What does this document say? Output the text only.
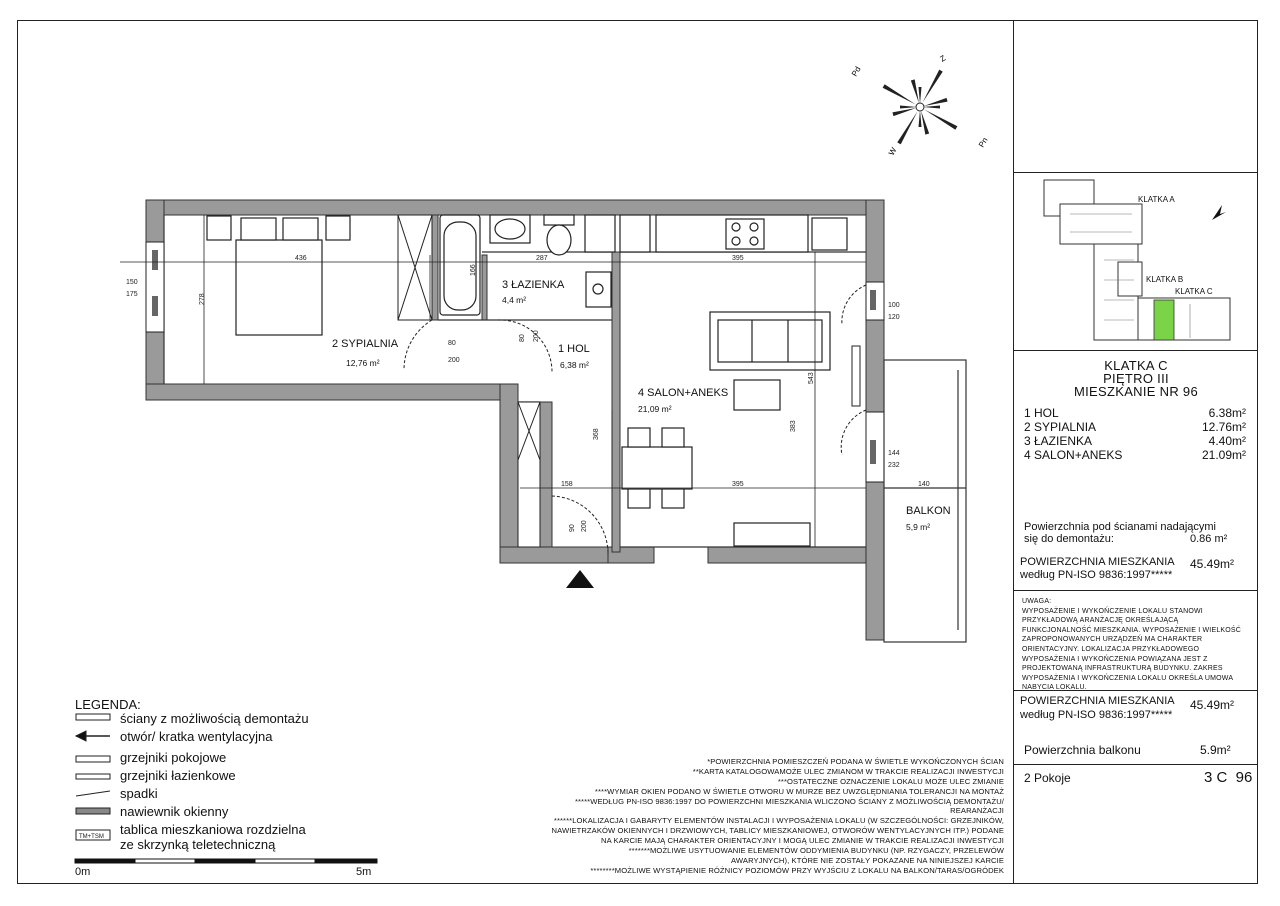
Pd
Z
W
Pn
436	287	395
395
150
175
100
120
144
232
140
158
80
200
278
166
368
383
543
80 200
90 200
2 SYPIALNIA
3 ŁAZIENKA
1 HOL
4 SALON+ANEKS
BALKON
12,76 m²
4,4 m²
6,38 m²
21,09 m²
5,9 m²
KLATKA A
KLATKA B
KLATKA C
TM+TSM
LEGENDA:
ściany z możliwością demontażu
otwór/ kratka wentylacyjna
grzejniki pokojowe
grzejniki łazienkowe
spadki
nawiewnik okienny
tablica mieszkaniowa rozdzielna
ze skrzynką teletechniczną
0m	5m
*POWIERZCHNIA POMIESZCZEŃ PODANA W ŚWIETLE WYKOŃCZONYCH ŚCIAN
**KARTA KATALOGOWAMOŻE ULEC ZMIANOM W TRAKCIE REALIZACJI INWESTYCJI
***OSTATECZNE OZNACZENIE LOKALU MOŻE ULEC ZMIANIE
****WYMIAR OKIEN PODANO W ŚWIETLE OTWORU W MURZE BEZ UWZGLĘDNIANIA TOLERANCJI NA MONTAŻ
*****WEDŁUG PN-ISO 9836:1997 DO POWIERZCHNI MIESZKANIA WLICZONO ŚCIANY Z MOŻLIWOŚCIĄ DEMONTAŻU/
REARANŻACJI
******LOKALIZACJA I GABARYTY ELEMENTÓW INSTALACJI I WYPOSAŻENIA LOKALU (W SZCZEGÓLNOŚCI: GRZEJNIKÓW,
NAWIETRZAKÓW OKIENNYCH I DRZWIOWYCH, TABLICY MIESZKANIOWEJ, OTWORÓW WENTYLACYJNYCH ITP.) PODANE
NA KARCIE MAJĄ CHARAKTER ORIENTACYJNY I MOGĄ ULEC ZMIANIE W TRAKCIE REALIZACJI INWESTYCJI
*******MOŻLIWE USYTUOWANIE ELEMENTÓW ODDYMIENIA BUDYNKU (NP. RZYGACZY, PRZELEWÓW
AWARYJNYCH), KTÓRE NIE ZOSTAŁY POKAZANE NA NINIEJSZEJ KARCIE
********MOŻLIWE WYSTĄPIENIE RÓŻNICY POZIOMÓW PRZY WYJŚCIU Z LOKALU NA BALKON/TARAS/OGRÓDEK
KLATKA C
PIĘTRO III
MIESZKANIE NR 96
1 HOL	6.38m²
2 SYPIALNIA	12.76m²
3 ŁAZIENKA	4.40m²
4 SALON+ANEKS	21.09m²
Powierzchnia pod ścianami nadającymi
się do demontażu:	0.86 m²
POWIERZCHNIA MIESZKANIA
według PN-ISO 9836:1997*****
45.49m²
UWAGA:
WYPOSAŻENIE I WYKOŃCZENIE LOKALU STANOWI PRZYKŁADOWĄ ARANŻACJĘ OKREŚLAJĄCĄ FUNKCJONALNOŚĆ MIESZKANIA. WYPOSAŻENIE I WIELKOŚĆ ZAPROPONOWANYCH URZĄDZEŃ MA CHARAKTER ORIENTACYJNY. LOKALIZACJA PRZYKŁADOWEGO WYPOSAŻENIA I WYKOŃCZENIA POWIĄZANA JEST Z PROJEKTOWANĄ INFRASTRUKTURĄ BUDYNKU. ZAKRES WYPOSAŻENIA I WYKOŃCZENIA LOKALU OKREŚLA UMOWA NABYCIA LOKALU.
POWIERZCHNIA MIESZKANIA
według PN-ISO 9836:1997*****
45.49m²
Powierzchnia balkonu	5.9m²
2 Pokoje	3 C  96
